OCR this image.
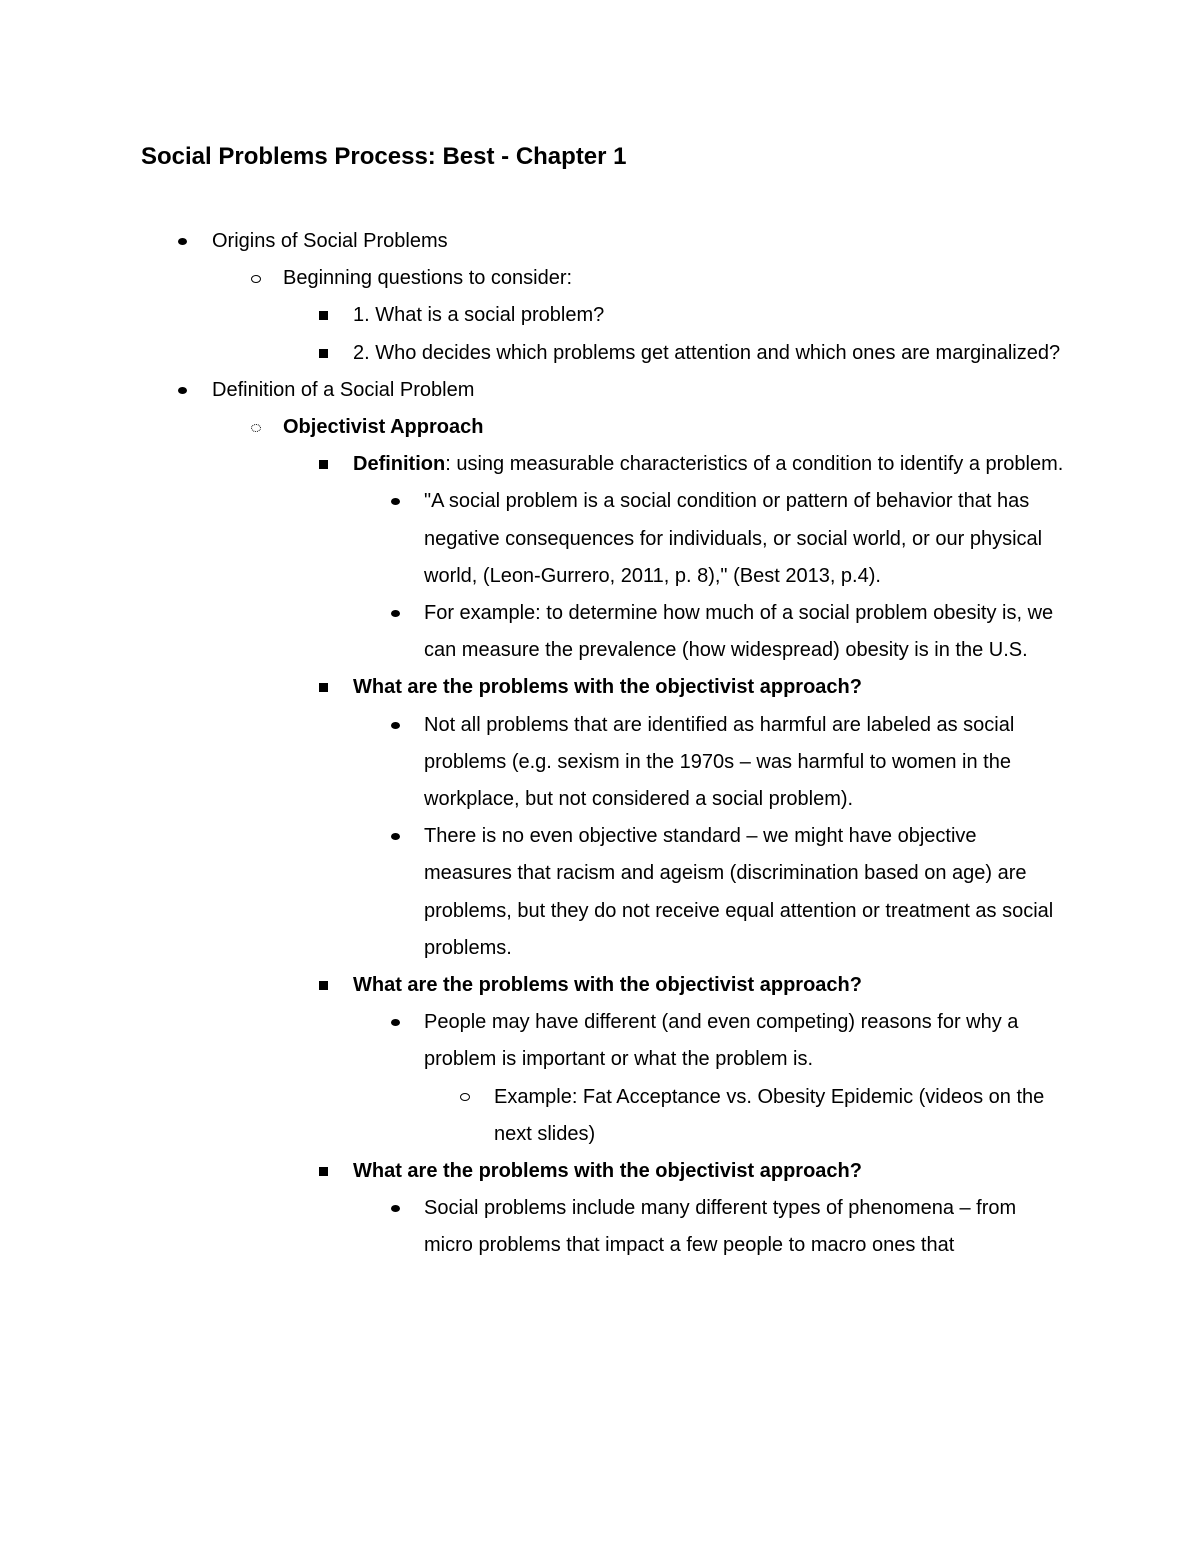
Social Problems Process: Best - Chapter 1
Origins of Social Problems
Beginning questions to consider:
1. What is a social problem?
2. Who decides which problems get attention and which ones are marginalized?
Definition of a Social Problem
Objectivist Approach
Definition: using measurable characteristics of a condition to identify a problem.
"A social problem is a social condition or pattern of behavior that has negative consequences for individuals, or social world, or our physical world, (Leon-Gurrero, 2011, p. 8)," (Best 2013, p.4).
For example: to determine how much of a social problem obesity is, we can measure the prevalence (how widespread) obesity is in the U.S.
What are the problems with the objectivist approach?
Not all problems that are identified as harmful are labeled as social problems (e.g. sexism in the 1970s – was harmful to women in the workplace, but not considered a social problem).
There is no even objective standard – we might have objective measures that racism and ageism (discrimination based on age) are problems, but they do not receive equal attention or treatment as social problems.
What are the problems with the objectivist approach?
People may have different (and even competing) reasons for why a problem is important or what the problem is.
Example: Fat Acceptance vs. Obesity Epidemic (videos on the next slides)
What are the problems with the objectivist approach?
Social problems include many different types of phenomena – from micro problems that impact a few people to macro ones that
